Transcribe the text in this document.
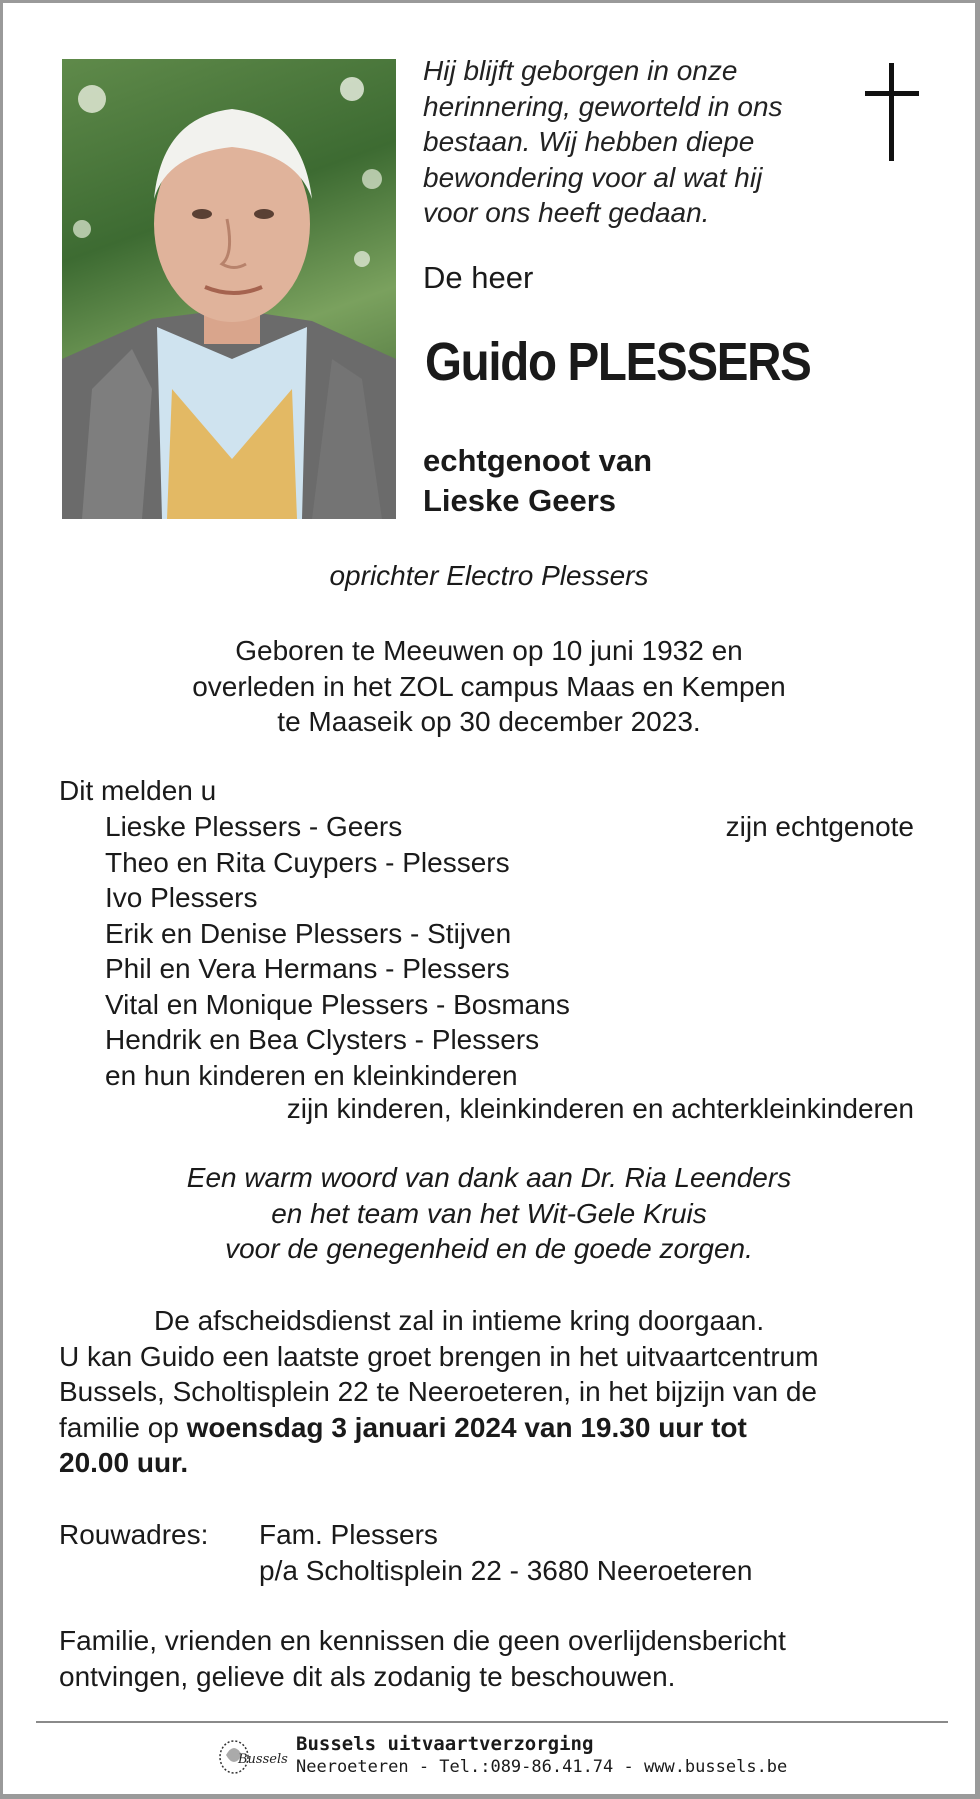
Hij blijft geborgen in onze
herinnering, geworteld in ons
bestaan. Wij hebben diepe
bewondering voor al wat hij
voor ons heeft gedaan.
De heer
Guido PLESSERS
echtgenoot van
Lieske Geers
oprichter Electro Plessers
Geboren te Meeuwen op 10 juni 1932 en
overleden in het ZOL campus Maas en Kempen
te Maaseik op 30 december 2023.
Dit melden u
Lieske Plessers - Geers
Theo en Rita Cuypers - Plessers
Ivo Plessers
Erik en Denise Plessers - Stijven
Phil en Vera Hermans - Plessers
Vital en Monique Plessers - Bosmans
Hendrik en Bea Clysters - Plessers
en hun kinderen en kleinkinderen
zijn echtgenote
zijn kinderen, kleinkinderen en achterkleinkinderen
Een warm woord van dank aan Dr. Ria Leenders
en het team van het Wit-Gele Kruis
voor de genegenheid en de goede zorgen.
De afscheidsdienst zal in intieme kring doorgaan.
U kan Guido een laatste groet brengen in het uitvaartcentrum
Bussels, Scholtisplein 22 te Neeroeteren, in het bijzijn van de
familie op woensdag 3 januari 2024 van 19.30 uur tot
20.00 uur.
Rouwadres: Fam. Plessers
p/a Scholtisplein 22 - 3680 Neeroeteren
Familie, vrienden en kennissen die geen overlijdensbericht
ontvingen, gelieve dit als zodanig te beschouwen.
Bussels
Bussels uitvaartverzorging
Neeroeteren - Tel.:089-86.41.74 - www.bussels.be
